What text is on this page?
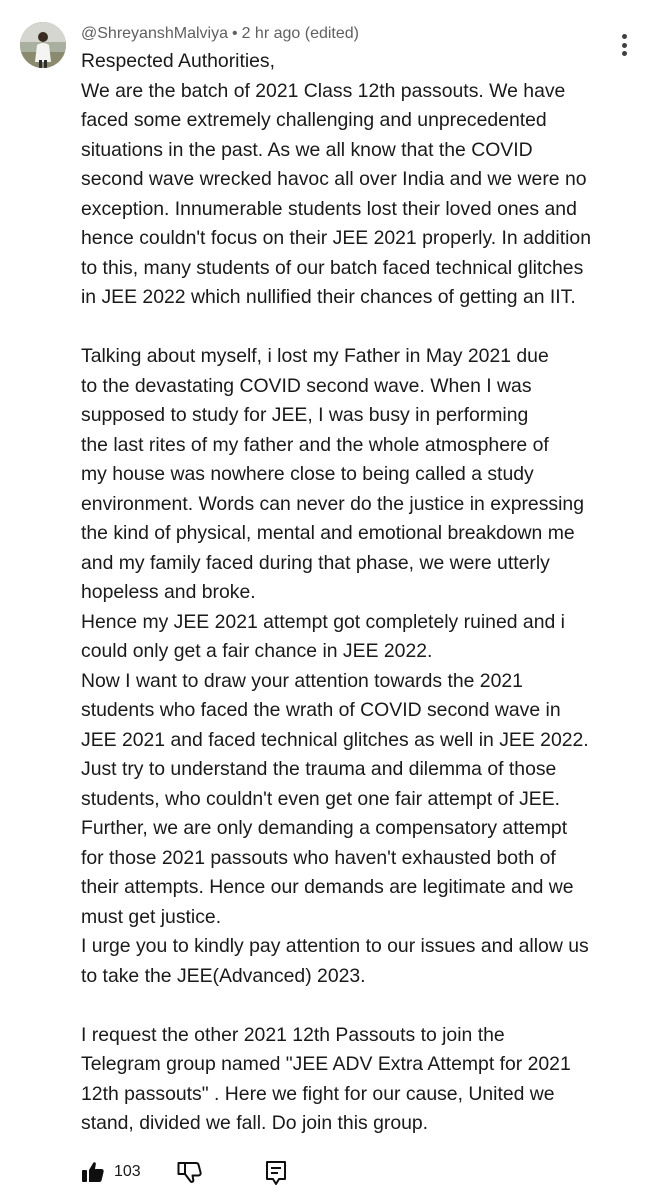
@ShreyanshMalviya • 2 hr ago (edited)
Respected Authorities,
We are the batch of 2021 Class 12th passouts. We have
faced some extremely challenging and unprecedented
situations in the past. As we all know that the COVID
second wave wrecked havoc all over India and we were no
exception. Innumerable students lost their loved ones and
hence couldn't focus on their JEE 2021 properly. In addition
to this, many students of our batch faced technical glitches
in JEE 2022 which nullified their chances of getting an IIT.
Talking about myself, i lost my Father in May 2021 due
to the devastating COVID second wave. When I was
supposed to study for JEE, I was busy in performing
the last rites of my father and the whole atmosphere of
my house was nowhere close to being called a study
environment. Words can never do the justice in expressing
the kind of physical, mental and emotional breakdown me
and my family faced during that phase, we were utterly
hopeless and broke.
Hence my JEE 2021 attempt got completely ruined and i
could only get a fair chance in JEE 2022.
Now I want to draw your attention towards the 2021
students who faced the wrath of COVID second wave in
JEE 2021 and faced technical glitches as well in JEE 2022.
Just try to understand the trauma and dilemma of those
students, who couldn't even get one fair attempt of JEE.
Further, we are only demanding a compensatory attempt
for those 2021 passouts who haven't exhausted both of
their attempts. Hence our demands are legitimate and we
must get justice.
I urge you to kindly pay attention to our issues and allow us
to take the JEE(Advanced) 2023.
I request the other 2021 12th Passouts to join the
Telegram group named "JEE ADV Extra Attempt for 2021
12th passouts" . Here we fight for our cause, United we
stand, divided we fall. Do join this group.
103
